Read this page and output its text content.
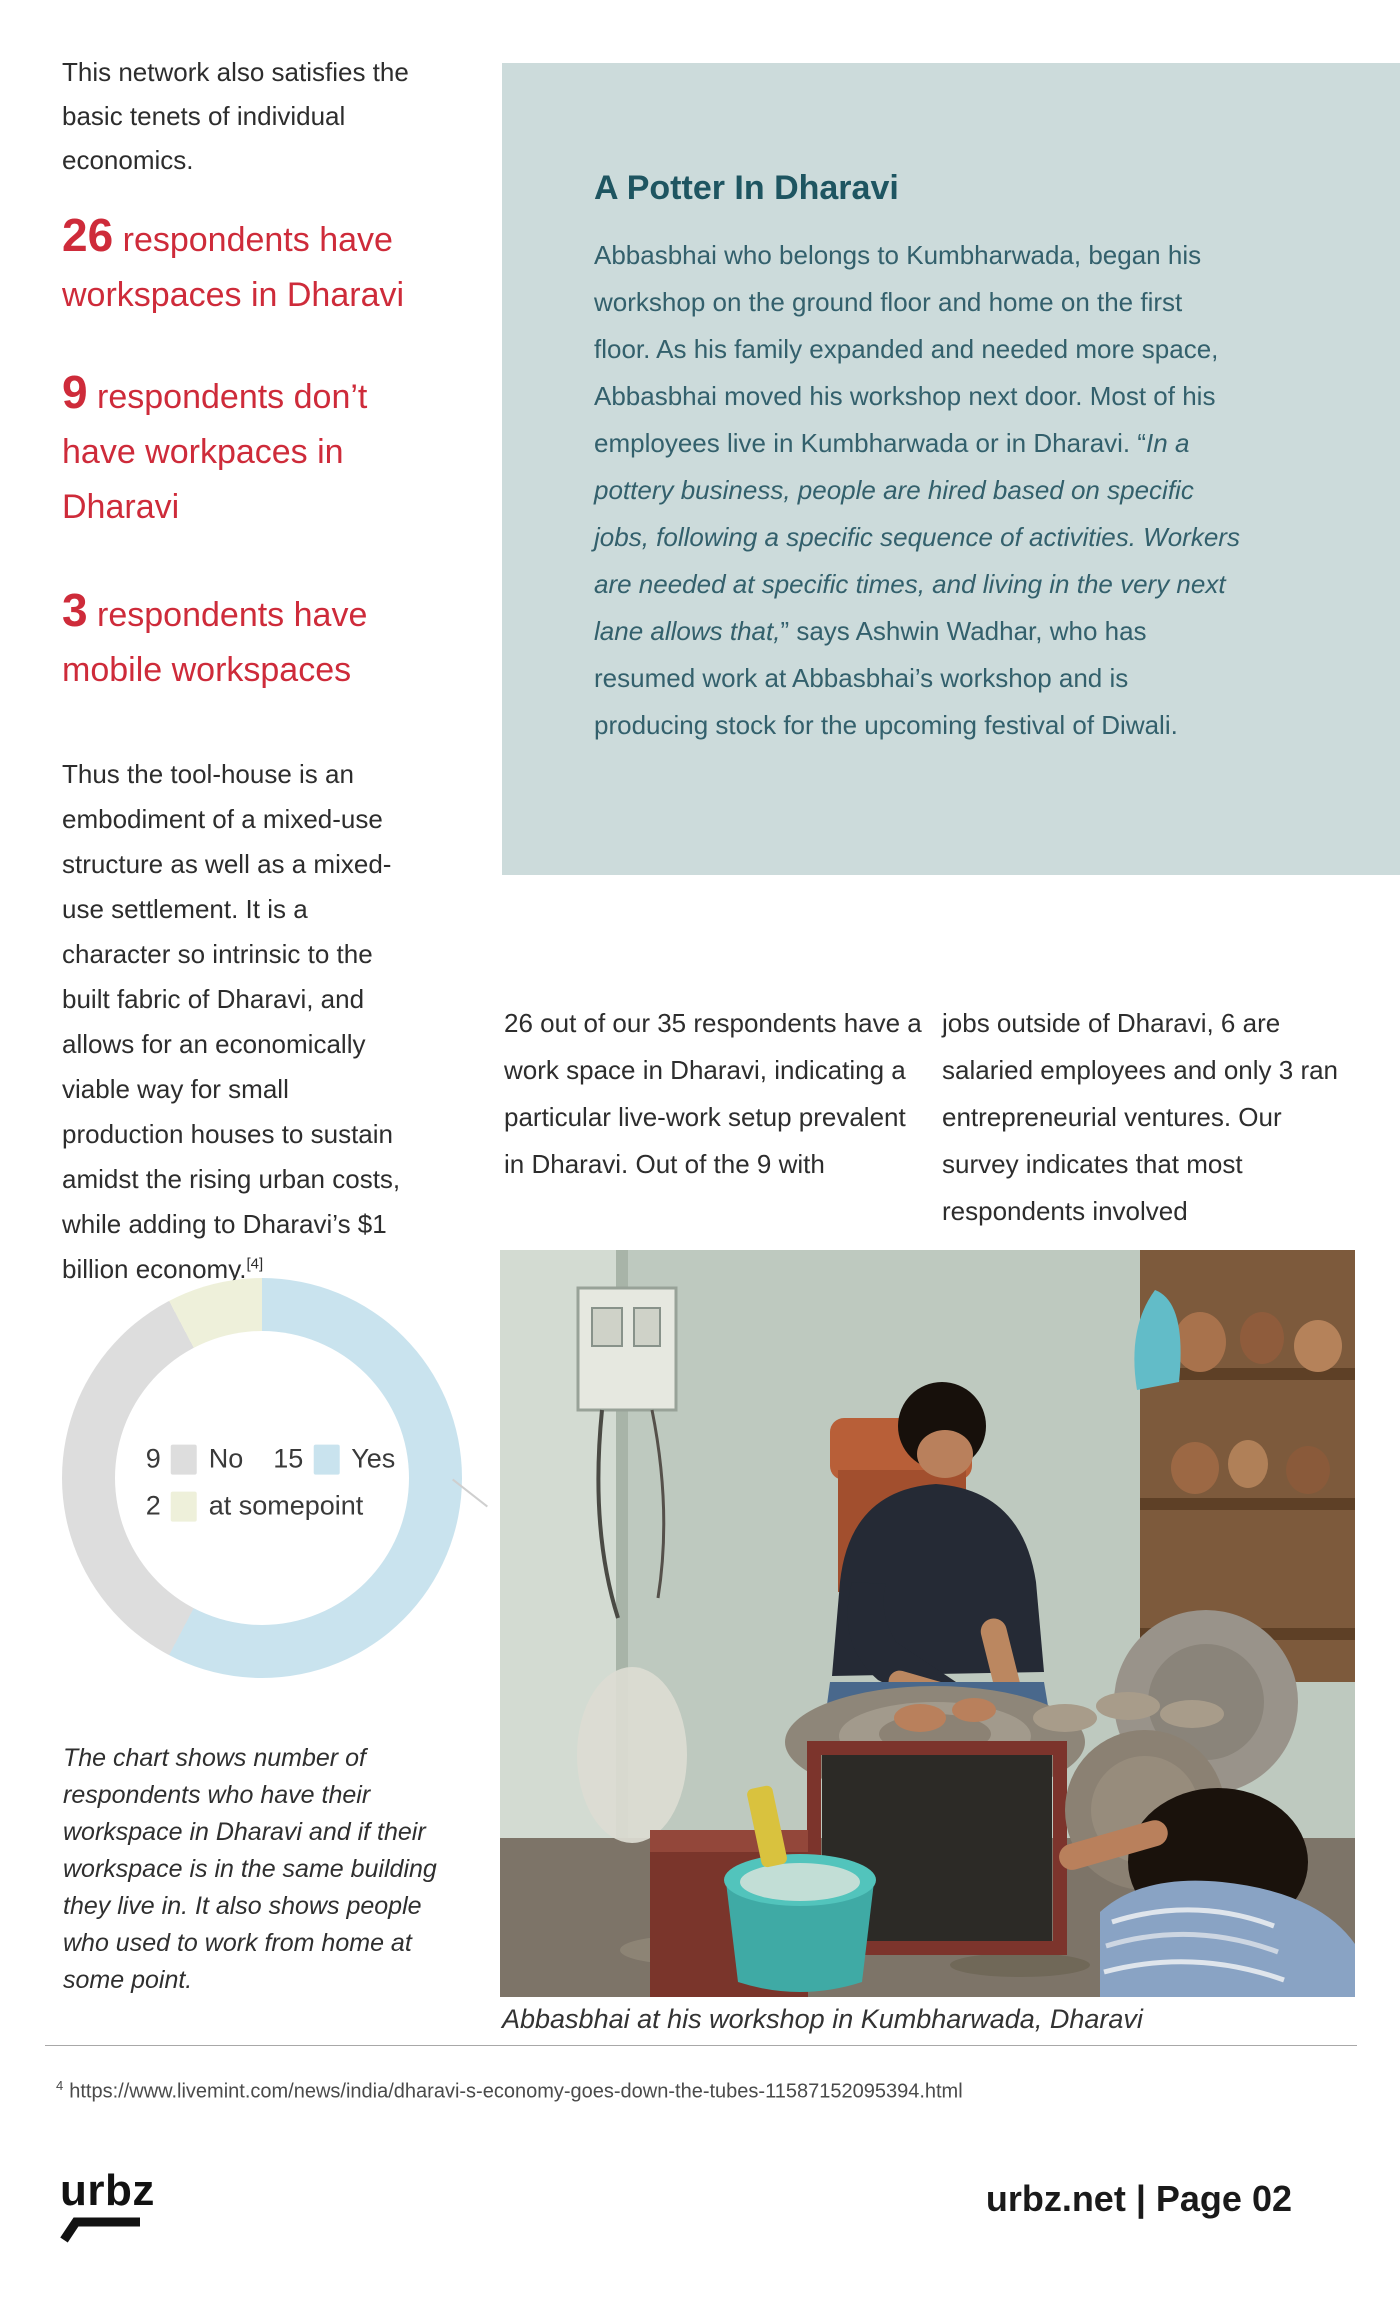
This network also satisfies the basic tenets of individual economics.

26 respondents have workspaces in Dharavi

9 respondents don’t have workpaces in Dharavi

3 respondents have mobile workspaces

Thus the tool-house is an embodiment of a mixed-use structure as well as a mixed-use settlement. It is a character so intrinsic to the built fabric of Dharavi, and allows for an economically viable way for small production houses to sustain amidst the rising urban costs, while adding to Dharavi’s $1 billion economy.[4]

A Potter In Dharavi

Abbasbhai who belongs to Kumbharwada, began his workshop on the ground floor and home on the first floor. As his family expanded and needed more space, Abbasbhai moved his workshop next door. Most of his employees live in Kumbharwada or in Dharavi. “In a pottery business, people are hired based on specific jobs, following a specific sequence of activities. Workers are needed at specific times, and living in the very next lane allows that,” says Ashwin Wadhar, who has resumed work at Abbasbhai’s workshop and is producing stock for the upcoming festival of Diwali.

26 out of our 35 respondents have a work space in Dharavi, indicating a particular live-work setup prevalent in Dharavi. Out of the 9 with

jobs outside of Dharavi, 6 are salaried employees and only 3 ran entrepreneurial ventures. Our survey indicates that most respondents involved

9 No 15 Yes
2 at somepoint

The chart shows number of respondents who have their workspace in Dharavi and if their workspace is in the same building they live in. It also shows people who used to work from home at some point.

Abbasbhai at his workshop in Kumbharwada, Dharavi

$^4$ https://www.livemint.com/news/india/dharavi-s-economy-goes-down-the-tubes-11587152095394.html

urbz	urbz.net | Page 02
